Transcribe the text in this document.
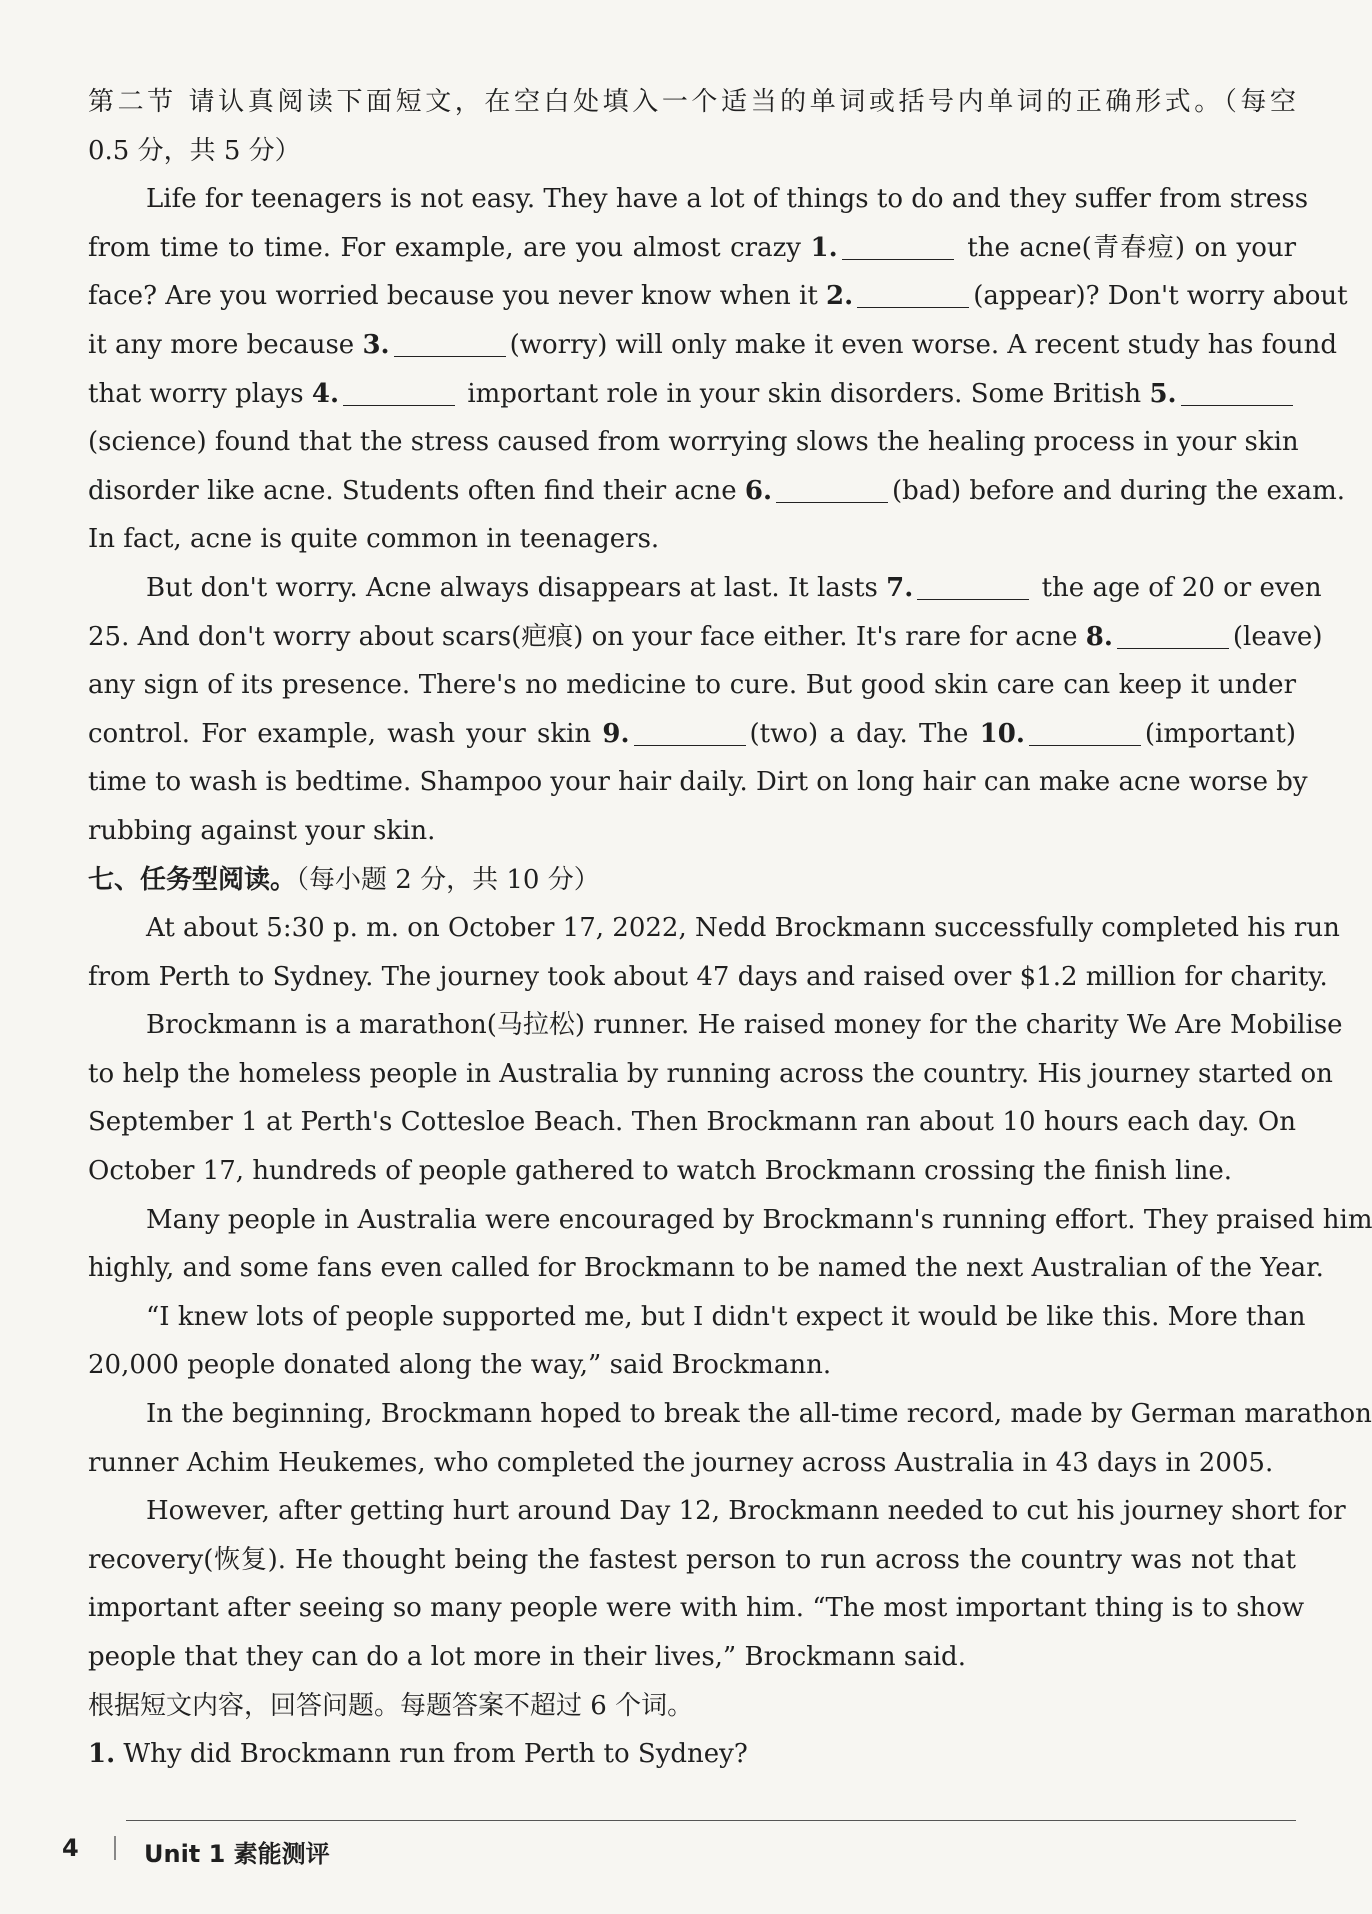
第二节 请认真阅读下面短文，在空白处填入一个适当的单词或括号内单词的正确形式。（每空
0.5 分，共 5 分）
Life for teenagers is not easy. They have a lot of things to do and they suffer from stress
from time to time. For example, are you almost crazy 1.	the acne(青春痘) on your
face? Are you worried because you never know when it 2.	(appear)? Don't worry about
it any more because 3.	(worry) will only make it even worse. A recent study has found
that worry plays 4.	important role in your skin disorders. Some British 5.
(science) found that the stress caused from worrying slows the healing process in your skin
disorder like acne. Students often find their acne 6.	(bad) before and during the exam.
In fact, acne is quite common in teenagers.
But don't worry. Acne always disappears at last. It lasts 7.	the age of 20 or even
25. And don't worry about scars(疤痕) on your face either. It's rare for acne 8.	(leave)
any sign of its presence. There's no medicine to cure. But good skin care can keep it under
control. For example, wash your skin 9.	(two) a day. The 10.	(important)
time to wash is bedtime. Shampoo your hair daily. Dirt on long hair can make acne worse by
rubbing against your skin.
七、任务型阅读。（每小题 2 分，共 10 分）
At about 5:30 p. m. on October 17, 2022, Nedd Brockmann successfully completed his run
from Perth to Sydney. The journey took about 47 days and raised over $1.2 million for charity.
Brockmann is a marathon(马拉松) runner. He raised money for the charity We Are Mobilise
to help the homeless people in Australia by running across the country. His journey started on
September 1 at Perth's Cottesloe Beach. Then Brockmann ran about 10 hours each day. On
October 17, hundreds of people gathered to watch Brockmann crossing the finish line.
Many people in Australia were encouraged by Brockmann's running effort. They praised him
highly, and some fans even called for Brockmann to be named the next Australian of the Year.
“I knew lots of people supported me, but I didn't expect it would be like this. More than
20,000 people donated along the way,” said Brockmann.
In the beginning, Brockmann hoped to break the all-time record, made by German marathon
runner Achim Heukemes, who completed the journey across Australia in 43 days in 2005.
However, after getting hurt around Day 12, Brockmann needed to cut his journey short for
recovery(恢复). He thought being the fastest person to run across the country was not that
important after seeing so many people were with him. “The most important thing is to show
people that they can do a lot more in their lives,” Brockmann said.
根据短文内容，回答问题。每题答案不超过 6 个词。
1. Why did Brockmann run from Perth to Sydney?
4	Unit 1 素能测评
